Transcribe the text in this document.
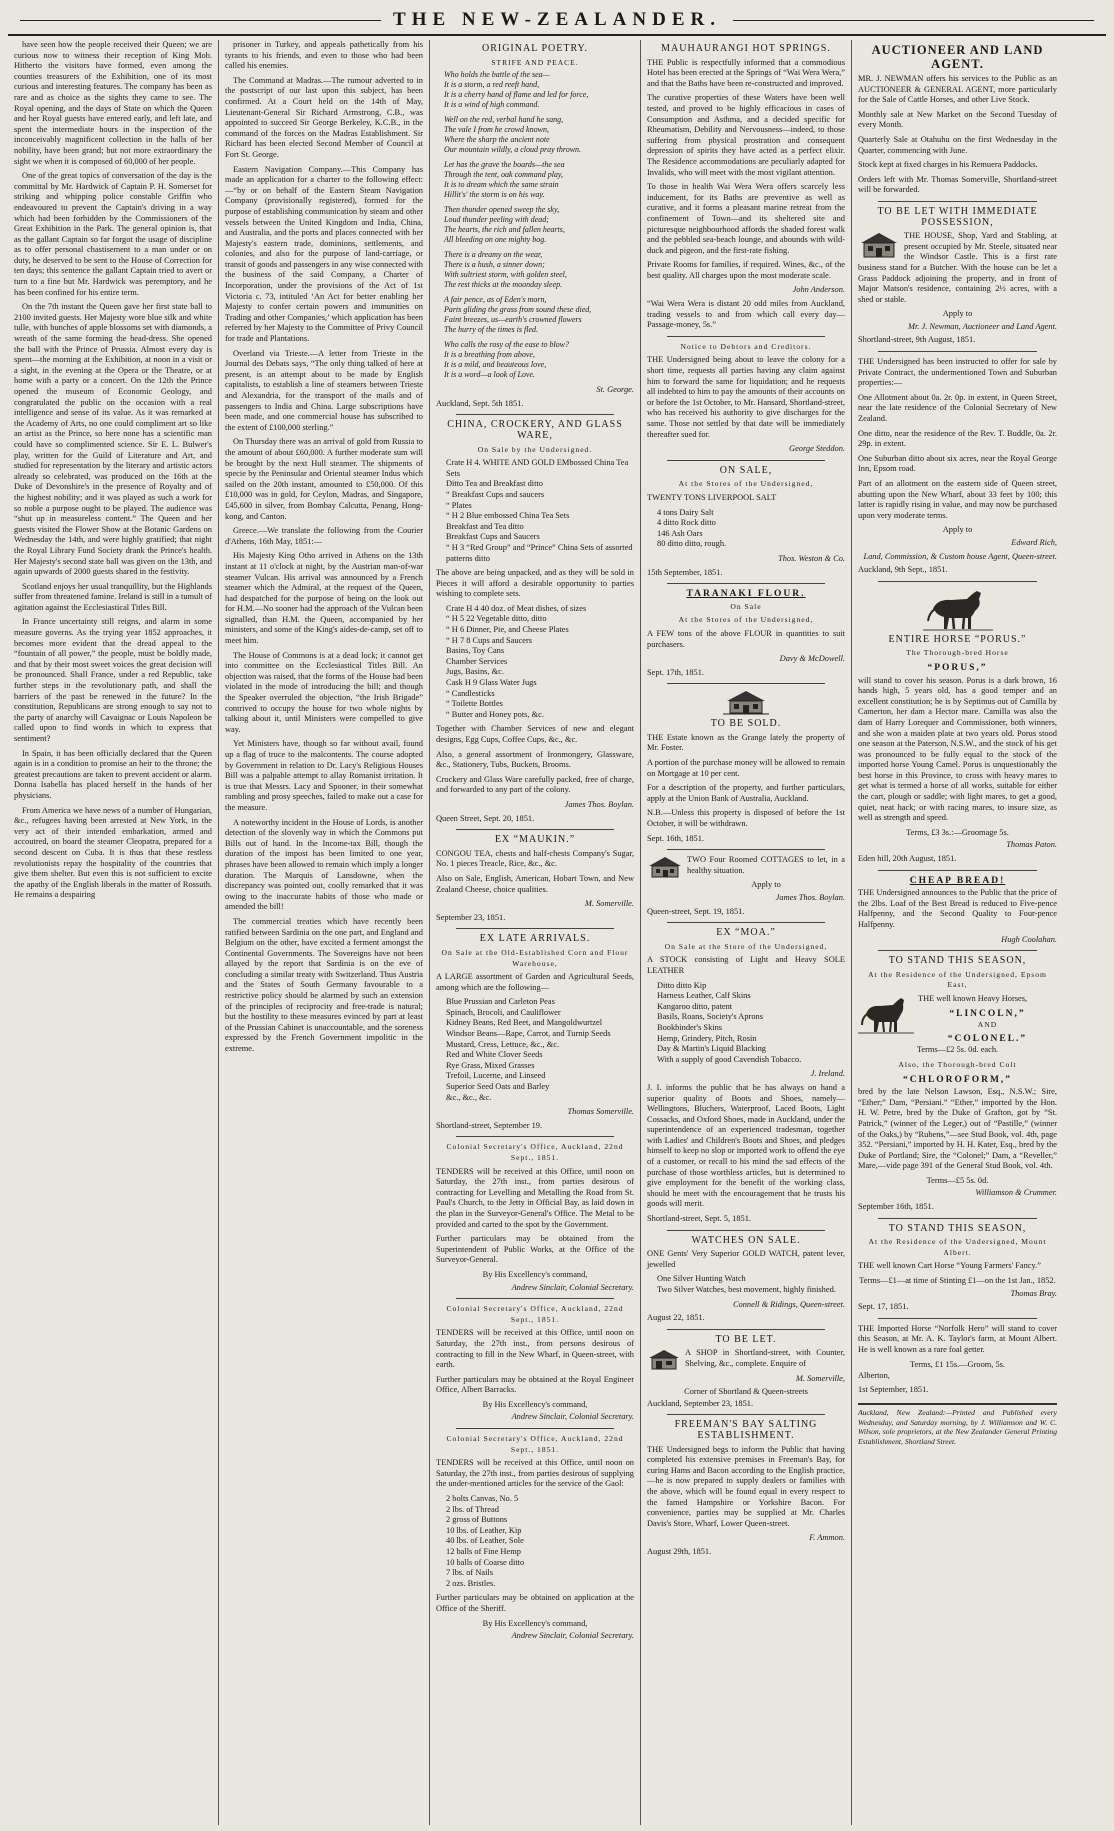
THE NEW-ZEALANDER.

have seen how the people received their Queen; we are curious now to witness their reception of King Mob. Hitherto the visitors have formed, even among the counties treasurers of the Exhibition, one of its most curious and interesting features. The company has been as rare and as choice as the sights they came to see. The Royal opening, and the days of State on which the Queen and her Royal guests have entered early, and left late, and spent the intermediate hours in the inspection of the inconceivably magnificent collection in the halls of her nobility, have been grand; but not more extraordinary the sight we when it is composed of 60,000 of her people.

One of the great topics of conversation of the day is the committal by Mr. Hardwick of Captain P. H. Somerset for striking and whipping police constable Griffin who endeavoured to prevent the Captain's driving in a way which had been forbidden by the Commissioners of the Great Exhibition in the Park. The general opinion is, that as the gallant Captain so far forgot the usage of discipline as to offer personal chastisement to a man under or on duty, he deserved to be sent to the House of Correction for ten days; this sentence the gallant Captain tried to avert or turn to a fine but Mr. Hardwick was peremptory, and he has been confined for his entire term.

On the 7th instant the Queen gave her first state ball to 2100 invited guests. Her Majesty wore blue silk and white tulle, with bunches of apple blossoms set with diamonds, a wreath of the same forming the head-dress. She opened the ball with the Prince of Prussia. Almost every day is spent—the morning at the Exhibition, at noon in a visit or a sight, in the evening at the Opera or the Theatre, or at home with a party or a concert. On the 12th the Prince opened the museum of Economic Geology, and congratulated the public on the occasion with a real intelligence and sense of its value. As it was remarked at the Academy of Arts, no one could compliment art so like an artist as the Prince, so here none has a scientific man could have so complimented science. Sir E. L. Bulwer's play, written for the Guild of Literature and Art, and studied for representation by the literary and artistic actors already so celebrated, was produced on the 16th at the Duke of Devonshire's in the presence of Royalty and of the highest nobility; and it was played as such a work for so noble a purpose ought to be played. The audience was “shut up in measureless content.” The Queen and her guests visited the Flower Show at the Botanic Gardens on Wednesday the 14th, and were highly gratified; that night the Royal Library Fund Society drank the Prince's health. Her Majesty's second state ball was given on the 13th, and again upwards of 2000 guests shared in the festivity.

Scotland enjoys her usual tranquillity, but the Highlands suffer from threatened famine. Ireland is still in a tumult of agitation against the Ecclesiastical Titles Bill.

In France uncertainty still reigns, and alarm in some measure governs. As the trying year 1852 approaches, it becomes more evident that the dread appeal to the “fountain of all power,” the people, must be boldly made, and that by their most sweet voices the great decision will be pronounced. Shall France, under a red Republic, take further steps in the revolutionary path, and shall the barriers of the past be renewed in the future? In the constitution, Republicans are strong enough to say not to the party of anarchy will Cavaignac or Louis Napoleon be called upon to find words in which to express that sentiment?

In Spain, it has been officially declared that the Queen again is in a condition to promise an heir to the throne; the greatest precautions are taken to prevent accident or alarm. Donna Isabella has placed herself in the hands of her physicians.

From America we have news of a number of Hungarian, &c., refugees having been arrested at New York, in the very act of their intended embarkation, armed and accoutred, on board the steamer Cleopatra, prepared for a second descent on Cuba. It is thus that these restless revolutionists repay the hospitality of the countries that give them shelter. But even this is not sufficient to excite the apathy of the English liberals in the matter of Rossuth. He remains a despairing

prisoner in Turkey, and appeals pathetically from his tyrants to his friends, and even to those who had been called his enemies.

The Command at Madras.—The rumour adverted to in the postscript of our last upon this subject, has been confirmed. At a Court held on the 14th of May, Lieutenant-General Sir Richard Armstrong, C.B., was appointed to succeed Sir George Berkeley, K.C.B., in the command of the forces on the Madras Establishment. Sir Richard has been elected Second Member of Council at Fort St. George.

Eastern Navigation Company.—This Company has made an application for a charter to the following effect:—“by or on behalf of the Eastern Steam Navigation Company (provisionally registered), formed for the purpose of establishing communication by steam and other vessels between the United Kingdom and India, China, and Australia, and the ports and places connected with her Majesty's eastern trade, dominions, settlements, and colonies, and also for the purpose of land-carriage, or transit of goods and passengers in any wise connected with the business of the said Company, a Charter of Incorporation, under the provisions of the Act of 1st Victoria c. 73, intituled ‘An Act for better enabling her Majesty to confer certain powers and immunities on Trading and other Companies,’ which application has been referred by her Majesty to the Committee of Privy Council for trade and Plantations.

Overland via Trieste.—A letter from Trieste in the Journal des Debats says, “The only thing talked of here at present, is an attempt about to be made by English capitalists, to establish a line of steamers between Trieste and Alexandria, for the transport of the mails and of passengers to India and China. Large subscriptions have been made, and one commercial house has subscribed to the extent of £100,000 sterling.”

On Thursday there was an arrival of gold from Russia to the amount of about £60,000. A further moderate sum will be brought by the next Hull steamer. The shipments of specie by the Peninsular and Oriental steamer Indus which sailed on the 20th instant, amounted to £50,000. Of this £10,000 was in gold, for Ceylon, Madras, and Singapore, £45,600 in silver, from Bombay Calcutta, Penang, Hong-kong, and Canton.

Greece.—We translate the following from the Courier d'Athens, 16th May, 1851:—

His Majesty King Otho arrived in Athens on the 13th instant at 11 o'clock at night, by the Austrian man-of-war steamer Vulcan. His arrival was announced by a French steamer which the Admiral, at the request of the Queen, had despatched for the purpose of being on the look out for H.M.—No sooner had the approach of the Vulcan been signalled, than H.M. the Queen, accompanied by her ministers, and some of the King's aides-de-camp, set off to meet him.

The House of Commons is at a dead lock; it cannot get into committee on the Ecclesiastical Titles Bill. An objection was raised, that the forms of the House had been violated in the mode of introducing the bill; and though the Speaker overruled the objection, “the Irish Brigade” contrived to occupy the house for two whole nights by talking about it, until Ministers were compelled to give way.

Yet Ministers have, though so far without avail, found up a flag of truce to the malcontents. The course adopted by Government in relation to Dr. Lacy's Religious Houses Bill was a palpable attempt to allay Romanist irritation. It is true that Messrs. Lacy and Spooner, in their somewhat rambling and prosy speeches, failed to make out a case for the measure.

A noteworthy incident in the House of Lords, is another detection of the slovenly way in which the Commons put Bills out of hand. In the Income-tax Bill, though the duration of the impost has been limited to one year, phrases have been allowed to remain which imply a longer duration. The Marquis of Lansdowne, when the discrepancy was pointed out, coolly remarked that it was owing to the inaccurate habits of those who made or amended the bill!

The commercial treaties which have recently been ratified between Sardinia on the one part, and England and Belgium on the other, have excited a ferment amongst the Continental Governments. The Sovereigns have not been allayed by the report that Sardinia is on the eve of concluding a similar treaty with Switzerland. Thus Austria and the States of South Germany favourable to a restrictive policy should be alarmed by such an extension of the principles of reciprocity and free-trade is natural; but the hostility to these measures evinced by part at least of the Prussian Cabinet is unaccountable, and the soreness expressed by the French Government impolitic in the extreme.

ORIGINAL POETRY.
STRIFE AND PEACE.
Who holds the battle of the sea—
It is a storm, a red reeft hand,
It is a cherry hand of flame and led for force,
It is a wind of high command.
Well on the red, verbal hand he sang,
The vale I from he crowd known,
Where the sharp the ancient note
Our mountain wildly, a cloud pray thrown.
Let has the grave the boards—the sea
Through the tent, oak command play,
It is to dream which the same strain
Hillit's' the storm is on his way.
Then thunder opened sweep the sky,
Loud thunder peeling with dead;
The hearts, the rich and fallen hearts,
All bleeding on one mighty bog.
There is a dreamy on the wear,
There is a hush, a sinner down;
With sultriest storm, with golden steel,
The rest thicks at the moonday sleep.
A fair pence, as of Eden's morn,
Parts gliding the grass from sound these died,
Faint breezes, us—earth's crowned flowers
The hurry of the times is fled.
Who calls the rosy of the ease to blow?
It is a breathing from above,
It is a mild, and beauteous love,
It is a word—a look of Love.
St. George.
Auckland, Sept. 5th 1851.
CHINA, CROCKERY, AND GLASS WARE,
On Sale by the Undersigned.
Crate H 4. WHITE AND GOLD EMbossed China Tea Sets
Ditto Tea and Breakfast ditto
“ Breakfast Cups and saucers
“ Plates
“ H 2 Blue embossed China Tea Sets
Breakfast and Tea ditto
Breakfast Cups and Saucers
“ H 3 “Red Group” and “Prince” China Sets of assorted patterns ditto

The above are being unpacked, and as they will be sold in Pieces it will afford a desirable opportunity to parties wishing to complete sets.

Crate H 4 40 doz. of Meat dishes, of sizes
“ H 5 22 Vegetable ditto, ditto
“ H 6 Dinner, Pie, and Cheese Plates
“ H 7 8 Cups and Saucers
Basins, Toy Cans
Chamber Services
Jugs, Basins, &c.
Cask H 9 Glass Water Jugs
“ Candlesticks
“ Toilette Bottles
“ Butter and Honey pots, &c.

Together with Chamber Services of new and elegant designs, Egg Cups, Coffee Cups, &c., &c.

Also, a general assortment of Ironmongery, Glassware, &c., Stationery, Tubs, Buckets, Brooms.

Crockery and Glass Ware carefully packed, free of charge, and forwarded to any part of the colony.

James Thos. Boylan.
Queen Street, Sept. 20, 1851.
EX “MAUKIN.”

CONGOU TEA, chests and half-chests Company's Sugar, No. 1 pieces Treacle, Rice, &c., &c.

Also on Sale, English, American, Hobart Town, and New Zealand Cheese, choice qualities.

M. Somerville.
September 23, 1851.
EX LATE ARRIVALS.
On Sale at the Old-Established Corn and Flour Warehouse,

A LARGE assortment of Garden and Agricultural Seeds, among which are the following—

Blue Prussian and Carleton Peas
Spinach, Brocoli, and Cauliflower
Kidney Beans, Red Beet, and Mangoldwurtzel
Windsor Beans—Rape, Carrot, and Turnip Seeds
Mustard, Cress, Lettuce, &c., &c.
Red and White Clover Seeds
Rye Grass, Mixed Grasses
Trefoil, Lucerne, and Linseed
Superior Seed Oats and Barley
&c., &c., &c.
Thomas Somerville.
Shortland-street, September 19.
Colonial Secretary's Office, Auckland, 22nd Sept., 1851.

TENDERS will be received at this Office, until noon on Saturday, the 27th inst., from parties desirous of contracting for Levelling and Metalling the Road from St. Paul's Church, to the Jetty in Official Bay, as laid down in the plan in the Surveyor-General's Office. The Metal to be provided and carted to the spot by the Government.

Further particulars may be obtained from the Superintendent of Public Works, at the Office of the Surveyor-General.

By His Excellency's command,
Andrew Sinclair, Colonial Secretary.
Colonial Secretary's Office, Auckland, 22nd Sept., 1851.

TENDERS will be received at this Office, until noon on Saturday, the 27th inst., from persons desirous of contracting to fill in the New Wharf, in Queen-street, with earth.

Further particulars may be obtained at the Royal Engineer Office, Albert Barracks.

By His Excellency's command,
Andrew Sinclair, Colonial Secretary.
Colonial Secretary's Office, Auckland, 22nd Sept., 1851.

TENDERS will be received at this Office, until noon on Saturday, the 27th inst., from parties desirous of supplying the under-mentioned articles for the service of the Gaol:

2 bolts Canvas, No. 5
2 lbs. of Thread
2 gross of Buttons
10 lbs. of Leather, Kip
40 lbs. of Leather, Sole
12 balls of Fine Hemp
10 balls of Coarse ditto
7 lbs. of Nails
2 ozs. Bristles.

Further particulars may be obtained on application at the Office of the Sheriff.

By His Excellency's command,
Andrew Sinclair, Colonial Secretary.
MAUHAURANGI HOT SPRINGS.

THE Public is respectfully informed that a commodious Hotel has been erected at the Springs of “Wai Wera Wera,” and that the Baths have been re-constructed and improved.

The curative properties of these Waters have been well tested, and proved to be highly efficacious in cases of Consumption and Asthma, and a decided specific for Rheumatism, Debility and Nervousness—indeed, to those suffering from physical prostration and consequent depression of spirits they have acted as a perfect elixir. The Residence accommodations are peculiarly adapted for Invalids, who will meet with the most vigilant attention.

To those in health Wai Wera Wera offers scarcely less inducement, for its Baths are preventive as well as curative, and it forms a pleasant marine retreat from the confinement of Town—and its sheltered site and picturesque neighbourhood affords the shaded forest walk and the pebbled sea-beach lounge, and abounds with wild-duck and pigeon, and the first-rate fishing.

Private Rooms for families, if required. Wines, &c., of the best quality. All charges upon the most moderate scale.

John Anderson.

“Wai Wera Wera is distant 20 odd miles from Auckland, trading vessels to and from which call every day—Passage-money, 5s.”

Notice to Debtors and Creditors.

THE Undersigned being about to leave the colony for a short time, requests all parties having any claim against him to forward the same for liquidation; and he requests all indebted to him to pay the amounts of their accounts on or before the 1st October, to Mr. Hansard, Shortland-street, who has received his authority to give discharges for the same. Those not settled by that date will be immediately thereafter sued for.

George Steddon.
ON SALE,
At the Stores of the Undersigned,

TWENTY TONS LIVERPOOL SALT

4 tons Dairy Salt
4 ditto Rock ditto
146 Ash Oars
80 ditto ditto, rough.
Thos. Weston & Co.
15th September, 1851.
TARANAKI FLOUR.
On Sale
At the Stores of the Undersigned,

A FEW tons of the above FLOUR in quantities to suit purchasers.

Davy & McDowell.
Sept. 17th, 1851.
TO BE SOLD.

THE Estate known as the Grange lately the property of Mr. Foster.

A portion of the purchase money will be allowed to remain on Mortgage at 10 per cent.

For a description of the property, and further particulars, apply at the Union Bank of Australia, Auckland.

N.B.—Unless this property is disposed of before the 1st October, it will be withdrawn.

Sept. 16th, 1851.

TWO Four Roomed COTTAGES to let, in a healthy situation.

Apply to
James Thos. Boylan.
Queen-street, Sept. 19, 1851.
EX “MOA.”
On Sale at the Store of the Undersigned,

A STOCK consisting of Light and Heavy SOLE LEATHER

Ditto ditto Kip
Harness Leather, Calf Skins
Kangaroo ditto, patent
Basils, Roans, Society's Aprons
Bookbinder's Skins
Hemp, Grindery, Pitch, Rosin
Day & Martin's Liquid Blacking
With a supply of good Cavendish Tobacco.
J. Ireland.

J. I. informs the public that he has always on hand a superior quality of Boots and Shoes, namely—Wellingtons, Bluchers, Waterproof, Laced Boots, Light Cossacks, and Oxford Shoes, made in Auckland, under the superintendence of an experienced tradesman, together with Ladies' and Children's Boots and Shoes, and pledges himself to keep no slop or imported work to offend the eye of a customer, or recall to his mind the sad effects of the purchase of those worthless articles, but is determined to give employment for the benefit of the working class, should he meet with the encouragement that he trusts his goods will merit.

Shortland-street, Sept. 5, 1851.
WATCHES ON SALE.

ONE Gents' Very Superior GOLD WATCH, patent lever, jewelled

One Silver Hunting Watch
Two Silver Watches, best movement, highly finished.
Connell & Ridings, Queen-street.
August 22, 1851.
TO BE LET.

A SHOP in Shortland-street, with Counter, Shelving, &c., complete. Enquire of

M. Somerville,
Corner of Shortland & Queen-streets
Auckland, September 23, 1851.
FREEMAN'S BAY SALTING ESTABLISHMENT.

THE Undersigned begs to inform the Public that having completed his extensive premises in Freeman's Bay, for curing Hams and Bacon according to the English practice,—he is now prepared to supply dealers or families with the above, which will be found equal in every respect to the famed Hampshire or Yorkshire Bacon. For convenience, parties may be supplied at Mr. Charles Davis's Store, Wharf, Lower Queen-street.

F. Ammon.
August 29th, 1851.
AUCTIONEER AND LAND AGENT.

MR. J. NEWMAN offers his services to the Public as an AUCTIONEER & GENERAL AGENT, more particularly for the Sale of Cattle Horses, and other Live Stock.

Monthly sale at New Market on the Second Tuesday of every Month.

Quarterly Sale at Otahuhu on the first Wednesday in the Quarter, commencing with June.

Stock kept at fixed charges in his Remuera Paddocks.

Orders left with Mr. Thomas Somerville, Shortland-street will be forwarded.

TO BE LET WITH IMMEDIATE POSSESSION,

THE HOUSE, Shop, Yard and Stabling, at present occupied by Mr. Steele, situated near the Windsor Castle. This is a first rate business stand for a Butcher. With the house can be let a Grass Paddock adjoining the property, and in front of Major Matson's residence, containing 2½ acres, with a shed or stable.

Apply to
Mr. J. Newman, Auctioneer and Land Agent.
Shortland-street, 9th August, 1851.

THE Undersigned has been instructed to offer for sale by Private Contract, the undermentioned Town and Suburban properties:—

One Allotment about 0a. 2r. 0p. in extent, in Queen Street, near the late residence of the Colonial Secretary of New Zealand.

One ditto, near the residence of the Rev. T. Buddle, 0a. 2r. 29p. in extent.

One Suburban ditto about six acres, near the Royal George Inn, Epsom road.

Part of an allotment on the eastern side of Queen street, abutting upon the New Wharf, about 33 feet by 100; this latter is rapidly rising in value, and may now be purchased upon very moderate terms.

Apply to
Edward Rich,
Land, Commission, & Custom house Agent, Queen-street.
Auckland, 9th Sept., 1851.
ENTIRE HORSE “PORUS.”
The Thorough-bred Horse
“PORUS,”

will stand to cover his season. Porus is a dark brown, 16 hands high, 5 years old, has a good temper and an excellent constitution; he is by Septimus out of Camilla by Camerton, her dam a Hector mare. Camilla was also the dam of Harry Lorequer and Commissioner, both winners, and she won a maiden plate at two years old. Porus stood one season at the Paterson, N.S.W., and the stock of his get was pronounced to be fully equal to the stock of the imported horse Young Camel. Porus is unquestionably the best horse in this Province, to cross with heavy mares to get what is termed a horse of all works, suitable for either the cart, plough or saddle; with light mares, to get a good, quiet, neat hack; or with racing mares, to insure size, as well as strength and speed.

Terms, £3 3s.:—Groomage 5s.
Thomas Paton.
Eden hill, 20th August, 1851.
CHEAP BREAD!

THE Undersigned announces to the Public that the price of the 2lbs. Loaf of the Best Bread is reduced to Five-pence Halfpenny, and the Second Quality to Four-pence Halfpenny.

Hugh Coolahan.
TO STAND THIS SEASON,
At the Residence of the Undersigned, Epsom East,

THE well known Heavy Horses,

“LINCOLN,”
AND
“COLONEL.”
Terms—£2 5s. 0d. each.
Also, the Thorough-bred Colt
“CHLOROFORM,”

bred by the late Nelson Lawson, Esq., N.S.W.; Sire, “Ether;” Dam, “Persiani.” “Ether,” imported by the Hon. H. W. Petre, bred by the Duke of Grafton, got by “St. Patrick,” (winner of the Leger,) out of “Pastille,” (winner of the Oaks,) by “Rubens,”—see Stud Book, vol. 4th, page 352. “Persiani,” imported by H. H. Kater, Esq., bred by the Duke of Portland; Sire, the “Colonel;” Dam, a “Reveller,” Mare,—vide page 391 of the General Stud Book, vol. 4th.

Terms—£5 5s. 0d.
Williamson & Crummer.
September 16th, 1851.
TO STAND THIS SEASON,
At the Residence of the Undersigned, Mount Albert.

THE well known Cart Horse “Young Farmers' Fancy.”

Terms—£1—at time of Stinting £1—on the 1st Jan., 1852.
Thomas Bray.
Sept. 17, 1851.

THE Imported Horse “Norfolk Hero” will stand to cover this Season, at Mr. A. K. Taylor's farm, at Mount Albert. He is well known as a rare foal getter.

Terms, £1 15s.—Groom, 5s.
Alberton,
1st September, 1851.
Auckland, New Zealand:—Printed and Published every Wednesday, and Saturday morning, by J. Williamson and W. C. Wilson, sole proprietors, at the New Zealander General Printing Establishment, Shortland Street.
